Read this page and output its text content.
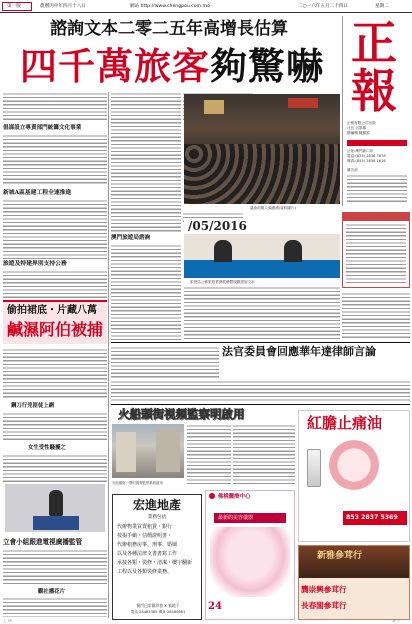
第一版	農曆丙申年四月十八日	網站 http://www.chengpou.com.mo	二○一六年五月二十四日	星期二
諮詢文本二零二五年高增長估算
四千萬旅客夠驚嚇 正
報
正報有限公司出版
社長 呂厚鎮
總編輯 陳錦源
社址:澳門新口岸
電話:(853) 2836 7878
傳真:(853) 2836 1616
廣告部
倡謀設立專責部門統籌文化事業
新城A區基建工程全速推進
旅遊及特建界別支持公務
偷拍裙底・片藏八萬
鹹濕阿伯被捕
鋼刀行兇匪徒上網
女生受性騷擾之
立會小組跟進電視廣播監管
觀社播花片
議會前街人頭湧湧(資料圖片)
澳門旅遊局諮詢
/05/2016
旅遊局公佈旅遊業發展總體規劃諮詢文本
法官委員會回應華年達律師言論
火船頭街視頻監察明啟用
火船頭街一帶的視頻監察系統啟用
紅膽止痛油
853 2837 5369
宏進地產
業務包括
代辦物業買賣租賃・銀行
按揭手續・估價證明書・
代辦租務房事、刑事、婚姻
以及各種法律文書書寫工作
承接各類・裝修・清潔・樓宇翻新
工程以及各類裝修業務。
澳門巴掌圍斜巷 X 號地下
電話:28483389 傳真:28480681
佛桃醫療中心
最新的美容儀器
24
新雅參茸行
龔崇興參茸行
長春閣參茸行
上 3P	3P 下
